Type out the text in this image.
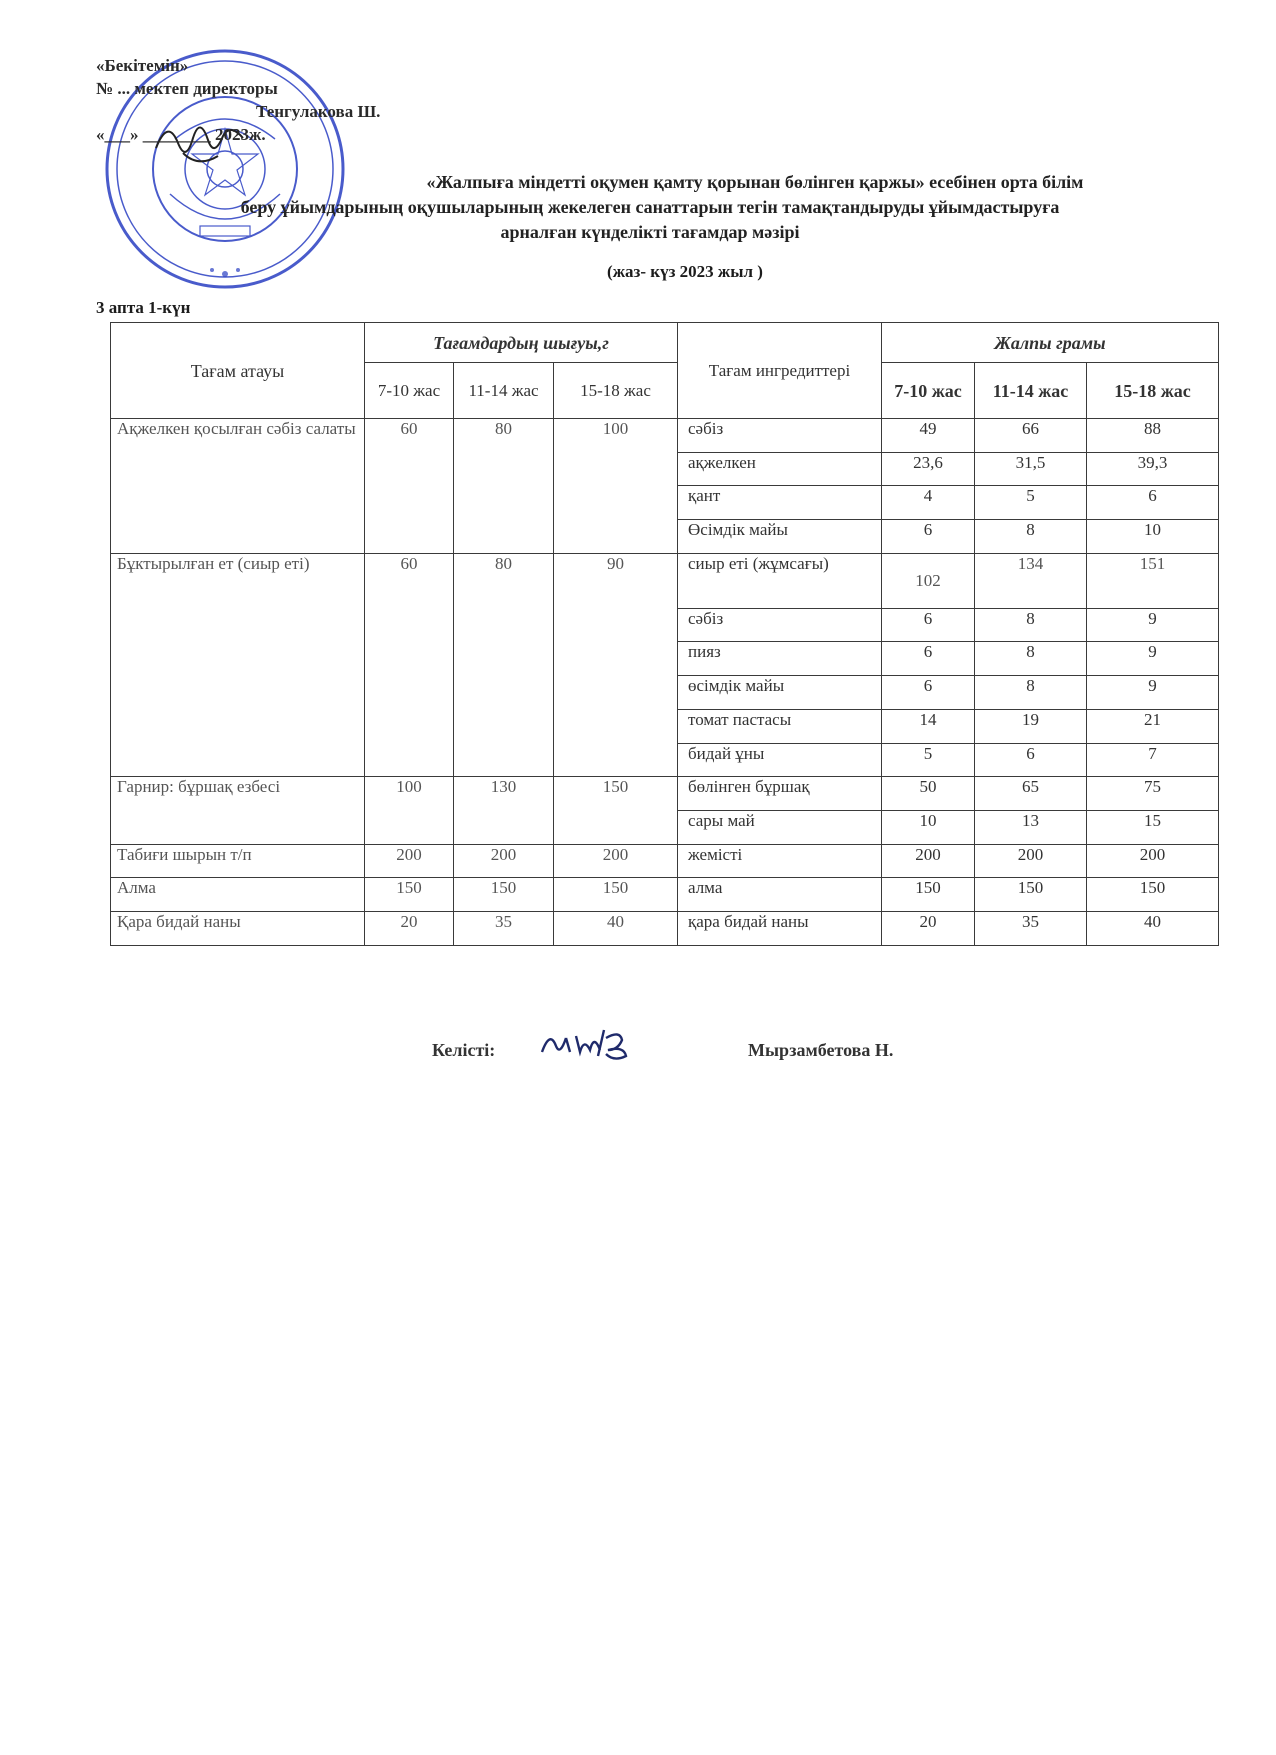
«Бекітемін»
№ ... мектеп директоры
Тенгулакова Ш.
«___» ________ 2023ж.
«Жалпыға міндетті оқумен қамту қорынан бөлінген қаржы» есебінен орта білім
беру ұйымдарының оқушыларының жекелеген санаттарын тегін тамақтандыруды ұйымдастыруға
арналған күнделікті тағамдар мәзірі
(жаз- күз 2023 жыл )
3 апта 1-күн
Тағам атауы	Тағамдардың шығуы,г			Тағам ингредиттері	Жалпы грамы		
	7-10 жас	11-14 жас	15-18 жас		7-10 жас	11-14 жас	15-18 жас
Ақжелкен қосылған сәбіз салаты	60	80	100	сәбіз	49	66	88
				ақжелкен	23,6	31,5	39,3
				қант	4	5	6
				Өсімдік майы	6	8	10
Бұктырылған ет (сиыр еті)	60	80	90	сиыр еті (жұмсағы)	102	134	151
				сәбіз	6	8	9
				пияз	6	8	9
				өсімдік майы	6	8	9
				томат пастасы	14	19	21
				бидай ұны	5	6	7
Гарнир: бұршақ езбесі	100	130	150	бөлінген бұршақ	50	65	75
				сары май	10	13	15
Табиғи шырын т/п	200	200	200	жемісті	200	200	200
Алма	150	150	150	алма	150	150	150
Қара бидай наны	20	35	40	қара бидай наны	20	35	40
Келісті:	Мырзамбетова Н.
